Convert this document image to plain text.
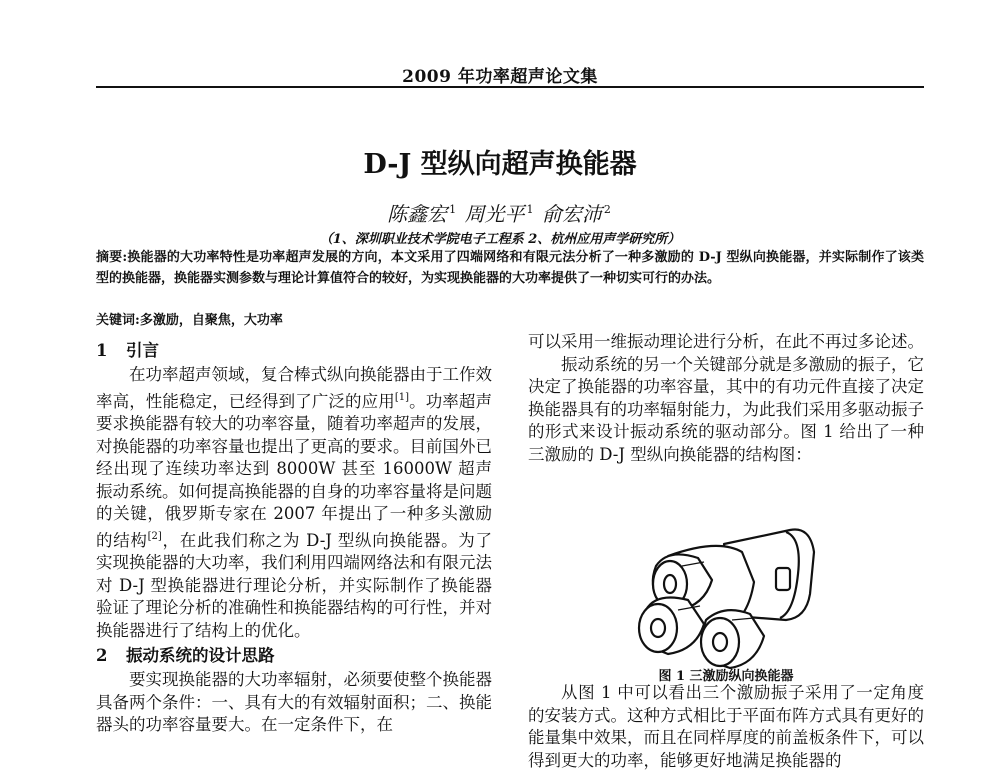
2009 年功率超声论文集
D-J 型纵向超声换能器
陈鑫宏 $^1$ 周光平 $^1$ 俞宏沛 $^2$
（1、深圳职业技术学院电子工程系 2、杭州应用声学研究所）
摘要:换能器的大功率特性是功率超声发展的方向，本文采用了四端网络和有限元法分析了一种多激励的 D-J 型纵向换能器，并实际制作了该类型的换能器，换能器实测参数与理论计算值符合的较好，为实现换能器的大功率提供了一种切实可行的办法。
关键词:多激励，自聚焦，大功率
1 引言

在功率超声领域，复合棒式纵向换能器由于工作效率高，性能稳定，已经得到了广泛的应用[1]。功率超声要求换能器有较大的功率容量，随着功率超声的发展，对换能器的功率容量也提出了更高的要求。目前国外已经出现了连续功率达到 8000W 甚至 16000W 超声振动系统。如何提高换能器的自身的功率容量将是问题的关键，俄罗斯专家在 2007 年提出了一种多头激励的结构[2]，在此我们称之为 D-J 型纵向换能器。为了实现换能器的大功率，我们利用四端网络法和有限元法对 D-J 型换能器进行理论分析，并实际制作了换能器验证了理论分析的准确性和换能器结构的可行性，并对换能器进行了结构上的优化。

2 振动系统的设计思路

要实现换能器的大功率辐射，必须要使整个换能器具备两个条件：一、具有大的有效辐射面积；二、换能器头的功率容量要大。在一定条件下，在

可以采用一维振动理论进行分析，在此不再过多论述。

振动系统的另一个关键部分就是多激励的振子，它决定了换能器的功率容量，其中的有功元件直接了决定换能器具有的功率辐射能力，为此我们采用多驱动振子的形式来设计振动系统的驱动部分。图 1 给出了一种三激励的 D-J 型纵向换能器的结构图：

图 1 三激励纵向换能器

从图 1 中可以看出三个激励振子采用了一定角度的安装方式。这种方式相比于平面布阵方式具有更好的能量集中效果，而且在同样厚度的前盖板条件下，可以得到更大的功率，能够更好地满足换能器的
